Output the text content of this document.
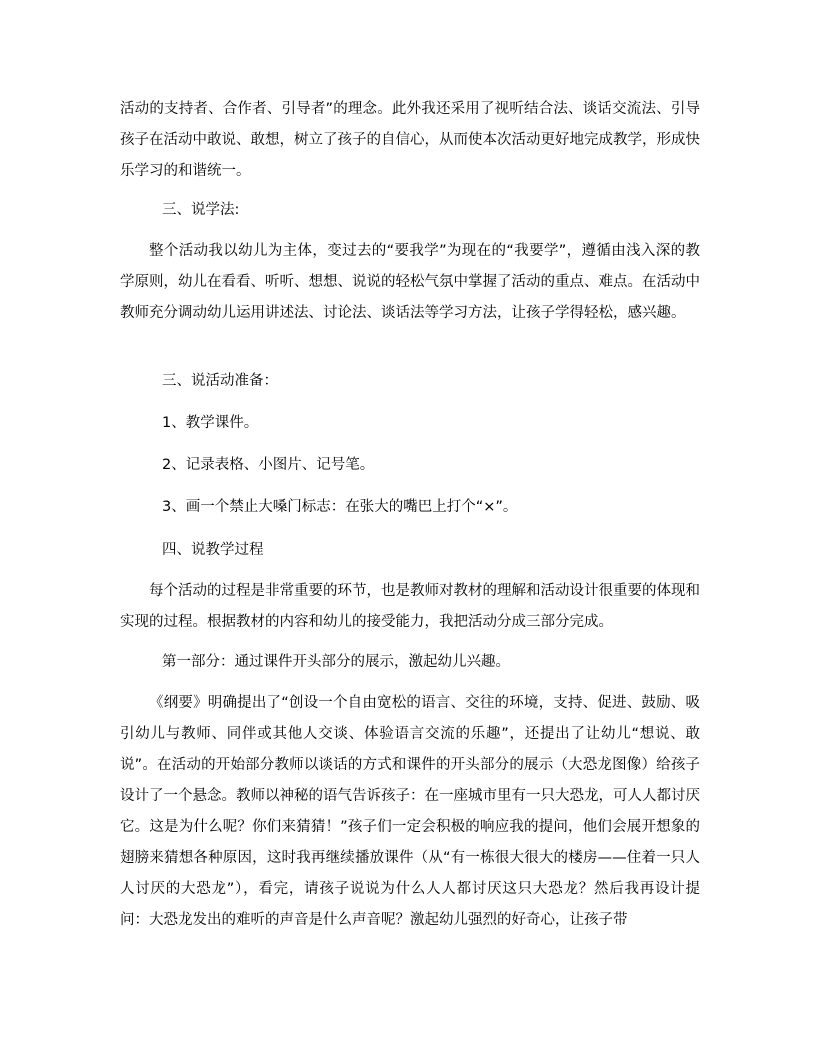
活动的支持者、合作者、引导者”的理念。此外我还采用了视听结合法、谈话交流法、引导孩子在活动中敢说、敢想，树立了孩子的自信心，从而使本次活动更好地完成教学，形成快乐学习的和谐统一。

三、说学法:

整个活动我以幼儿为主体，变过去的“要我学”为现在的“我要学”，遵循由浅入深的教学原则，幼儿在看看、听听、想想、说说的轻松气氛中掌握了活动的重点、难点。在活动中教师充分调动幼儿运用讲述法、讨论法、谈话法等学习方法，让孩子学得轻松，感兴趣。

三、说活动准备：

1、教学课件。

2、记录表格、小图片、记号笔。

3、画一个禁止大嗓门标志：在张大的嘴巴上打个“×”。

四、说教学过程

每个活动的过程是非常重要的环节，也是教师对教材的理解和活动设计很重要的体现和实现的过程。根据教材的内容和幼儿的接受能力，我把活动分成三部分完成。

第一部分：通过课件开头部分的展示，激起幼儿兴趣。

《纲要》明确提出了“创设一个自由宽松的语言、交往的环境，支持、促进、鼓励、吸引幼儿与教师、同伴或其他人交谈、体验语言交流的乐趣”，还提出了让幼儿“想说、敢说”。在活动的开始部分教师以谈话的方式和课件的开头部分的展示（大恐龙图像）给孩子设计了一个悬念。教师以神秘的语气告诉孩子：在一座城市里有一只大恐龙，可人人都讨厌它。这是为什么呢？你们来猜猜！”孩子们一定会积极的响应我的提问，他们会展开想象的翅膀来猜想各种原因，这时我再继续播放课件（从“有一栋很大很大的楼房——住着一只人人讨厌的大恐龙”），看完，请孩子说说为什么人人都讨厌这只大恐龙？然后我再设计提问：大恐龙发出的难听的声音是什么声音呢？激起幼儿强烈的好奇心，让孩子带
